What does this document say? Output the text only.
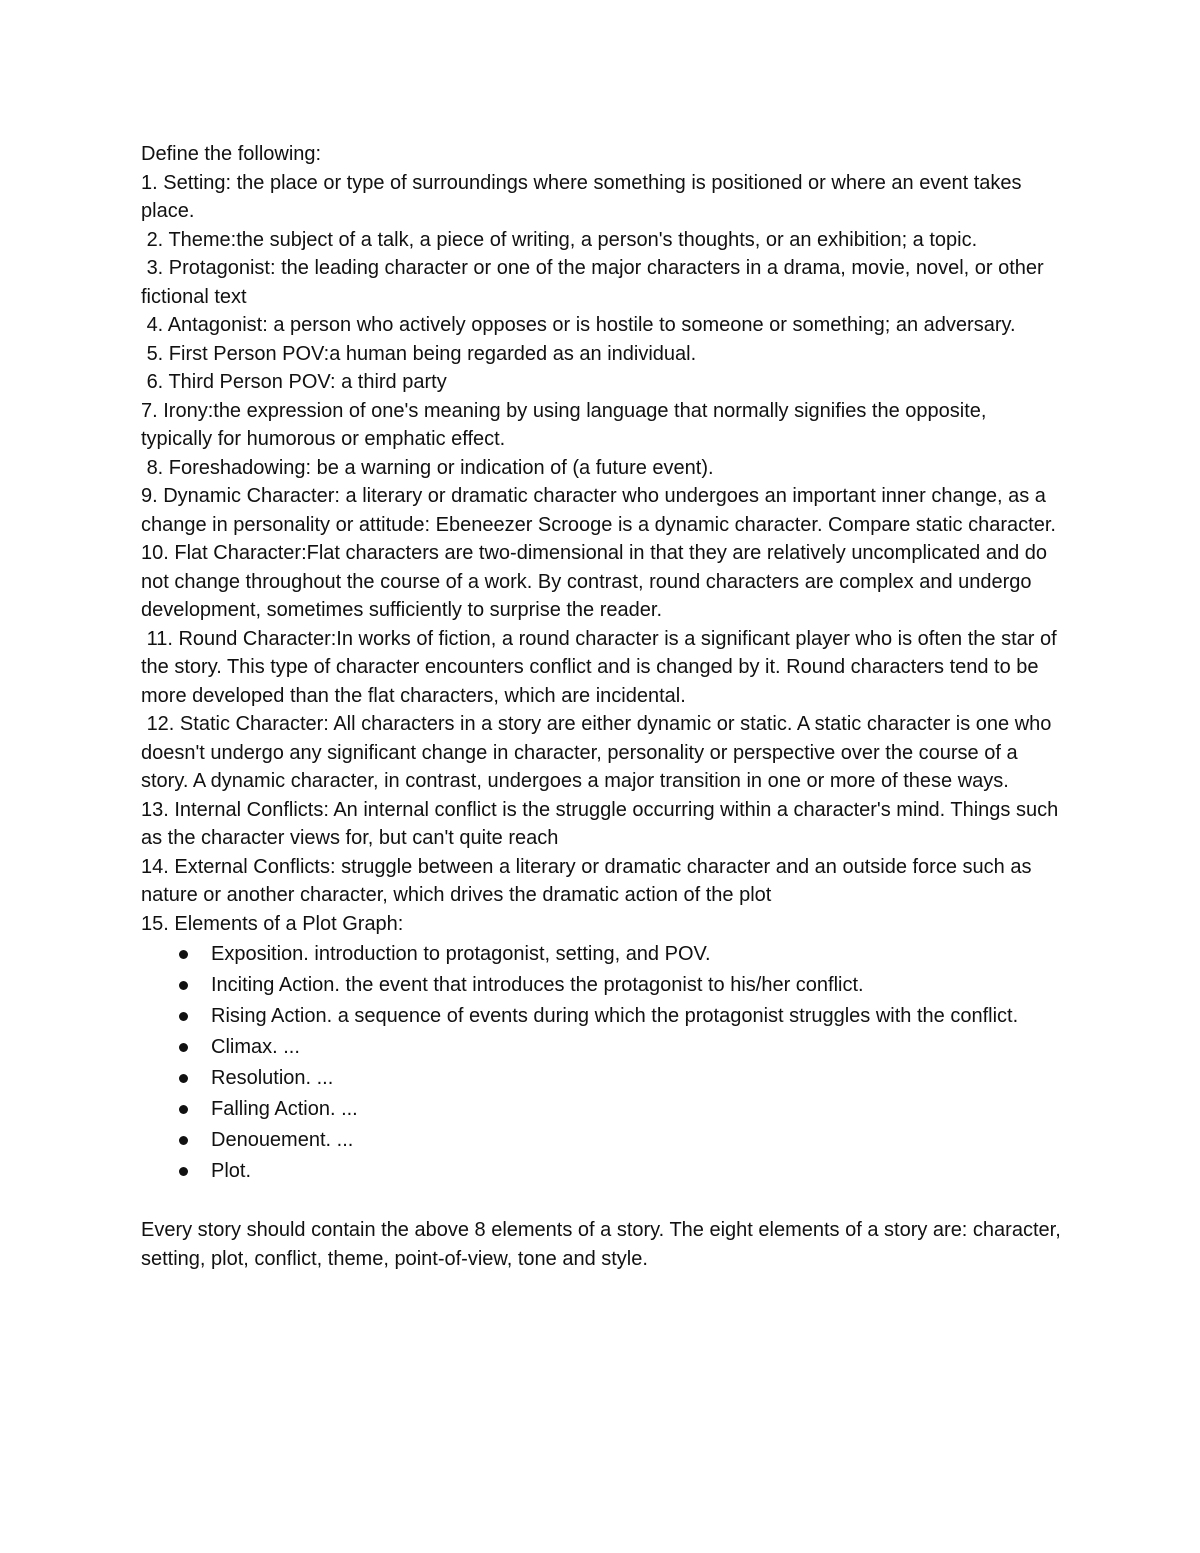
Define the following:

1. Setting: the place or type of surroundings where something is positioned or where an event takes place.

2. Theme:the subject of a talk, a piece of writing, a person's thoughts, or an exhibition; a topic.

3. Protagonist: the leading character or one of the major characters in a drama, movie, novel, or other fictional text

4. Antagonist: a person who actively opposes or is hostile to someone or something; an adversary.

5. First Person POV:a human being regarded as an individual.

6. Third Person POV: a third party

7. Irony:the expression of one's meaning by using language that normally signifies the opposite, typically for humorous or emphatic effect.

8. Foreshadowing: be a warning or indication of (a future event).

9. Dynamic Character: a literary or dramatic character who undergoes an important inner change, as a change in personality or attitude: Ebeneezer Scrooge is a dynamic character. Compare static character.

10. Flat Character:Flat characters are two-dimensional in that they are relatively uncomplicated and do not change throughout the course of a work. By contrast, round characters are complex and undergo development, sometimes sufficiently to surprise the reader.

11. Round Character:In works of fiction, a round character is a significant player who is often the star of the story. This type of character encounters conflict and is changed by it. Round characters tend to be more developed than the flat characters, which are incidental.

12. Static Character: All characters in a story are either dynamic or static. A static character is one who doesn't undergo any significant change in character, personality or perspective over the course of a story. A dynamic character, in contrast, undergoes a major transition in one or more of these ways.

13. Internal Conflicts: An internal conflict is the struggle occurring within a character's mind. Things such as the character views for, but can't quite reach

14. External Conflicts: struggle between a literary or dramatic character and an outside force such as nature or another character, which drives the dramatic action of the plot

15. Elements of a Plot Graph:

Exposition. introduction to protagonist, setting, and POV.
Inciting Action. the event that introduces the protagonist to his/her conflict.
Rising Action. a sequence of events during which the protagonist struggles with the conflict.
Climax. ...
Resolution. ...
Falling Action. ...
Denouement. ...
Plot.

Every story should contain the above 8 elements of a story. The eight elements of a story are: character, setting, plot, conflict, theme, point-of-view, tone and style.
